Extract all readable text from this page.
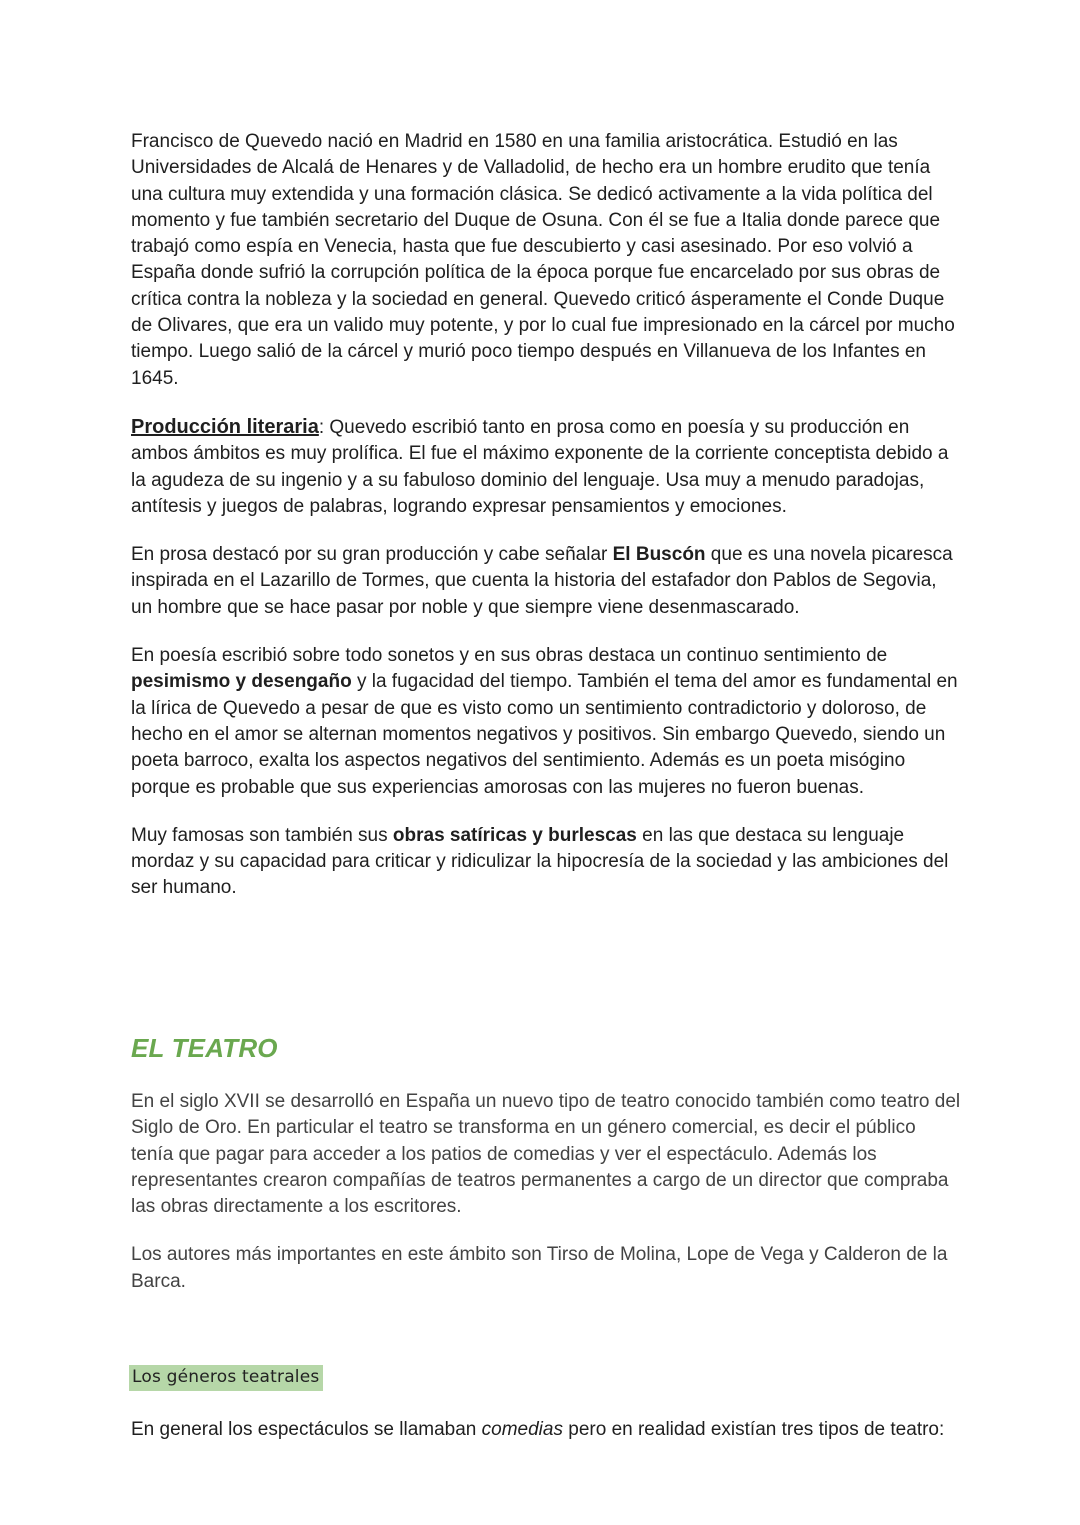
Francisco de Quevedo nació en Madrid en 1580 en una familia aristocrática. Estudió en las Universidades de Alcalá de Henares y de Valladolid, de hecho era un hombre erudito que tenía una cultura muy extendida y una formación clásica. Se dedicó activamente a la vida política del momento y fue también secretario del Duque de Osuna. Con él se fue a Italia donde parece que trabajó como espía en Venecia, hasta que fue descubierto y casi asesinado. Por eso volvió a España donde sufrió la corrupción política de la época porque fue encarcelado por sus obras de crítica contra la nobleza y la sociedad en general. Quevedo criticó ásperamente el Conde Duque de Olivares, que era un valido muy potente, y por lo cual fue impresionado en la cárcel por mucho tiempo. Luego salió de la cárcel y murió poco tiempo después en Villanueva de los Infantes en 1645.

Producción literaria: Quevedo escribió tanto en prosa como en poesía y su producción en ambos ámbitos es muy prolífica. El fue el máximo exponente de la corriente conceptista debido a la agudeza de su ingenio y a su fabuloso dominio del lenguaje. Usa muy a menudo paradojas, antítesis y juegos de palabras, logrando expresar pensamientos y emociones.

En prosa destacó por su gran producción y cabe señalar El Buscón que es una novela picaresca inspirada en el Lazarillo de Tormes, que cuenta la historia del estafador don Pablos de Segovia, un hombre que se hace pasar por noble y que siempre viene desenmascarado.

En poesía escribió sobre todo sonetos y en sus obras destaca un continuo sentimiento de pesimismo y desengaño y la fugacidad del tiempo. También el tema del amor es fundamental en la lírica de Quevedo a pesar de que es visto como un sentimiento contradictorio y doloroso, de hecho en el amor se alternan momentos negativos y positivos. Sin embargo Quevedo, siendo un poeta barroco, exalta los aspectos negativos del sentimiento. Además es un poeta misógino porque es probable que sus experiencias amorosas con las mujeres no fueron buenas.

Muy famosas son también sus obras satíricas y burlescas en las que destaca su lenguaje mordaz y su capacidad para criticar y ridiculizar la hipocresía de la sociedad y las ambiciones del ser humano.

EL TEATRO

En el siglo XVII se desarrolló en España un nuevo tipo de teatro conocido también como teatro del Siglo de Oro. En particular el teatro se transforma en un género comercial, es decir el público tenía que pagar para acceder a los patios de comedias y ver el espectáculo. Además los representantes crearon compañías de teatros permanentes a cargo de un director que compraba las obras directamente a los escritores.

Los autores más importantes en este ámbito son Tirso de Molina, Lope de Vega y Calderon de la Barca.

Los géneros teatrales

En general los espectáculos se llamaban comedias pero en realidad existían tres tipos de teatro:
